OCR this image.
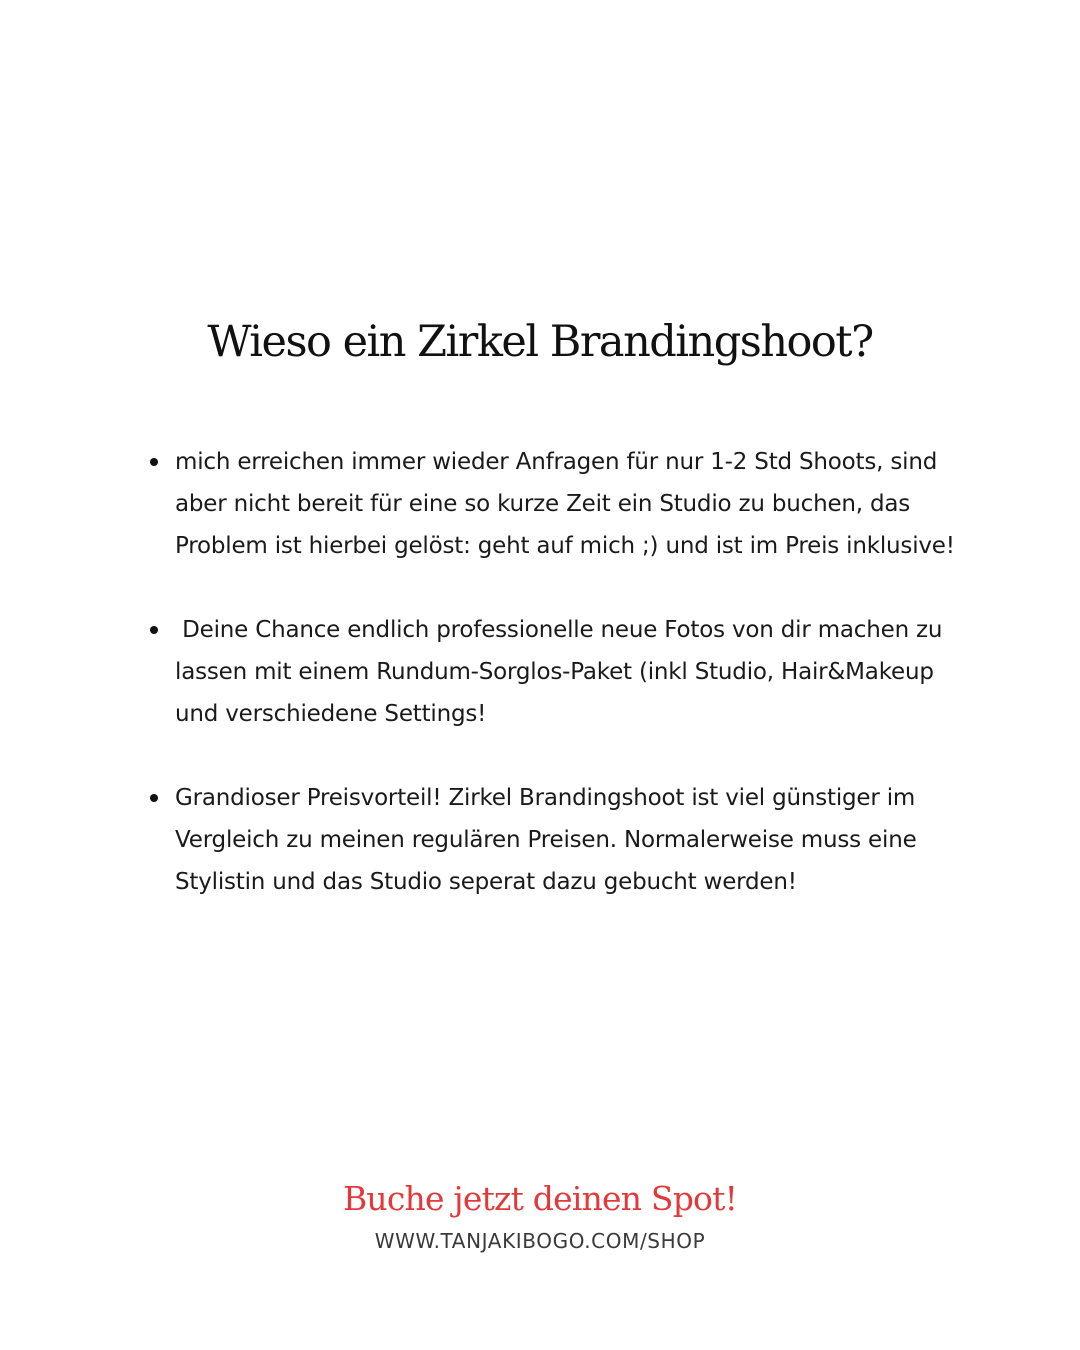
Wieso ein Zirkel Brandingshoot?
mich erreichen immer wieder Anfragen für nur 1-2 Std Shoots, sind aber nicht bereit für eine so kurze Zeit ein Studio zu buchen, das Problem ist hierbei gelöst: geht auf mich ;) und ist im Preis inklusive!
Deine Chance endlich professionelle neue Fotos von dir machen zu lassen mit einem Rundum-Sorglos-Paket (inkl Studio, Hair&Makeup und verschiedene Settings!
Grandioser Preisvorteil! Zirkel Brandingshoot ist viel günstiger im Vergleich zu meinen regulären Preisen. Normalerweise muss eine Stylistin und das Studio seperat dazu gebucht werden!
Buche jetzt deinen Spot!
WWW.TANJAKIBOGO.COM/SHOP
